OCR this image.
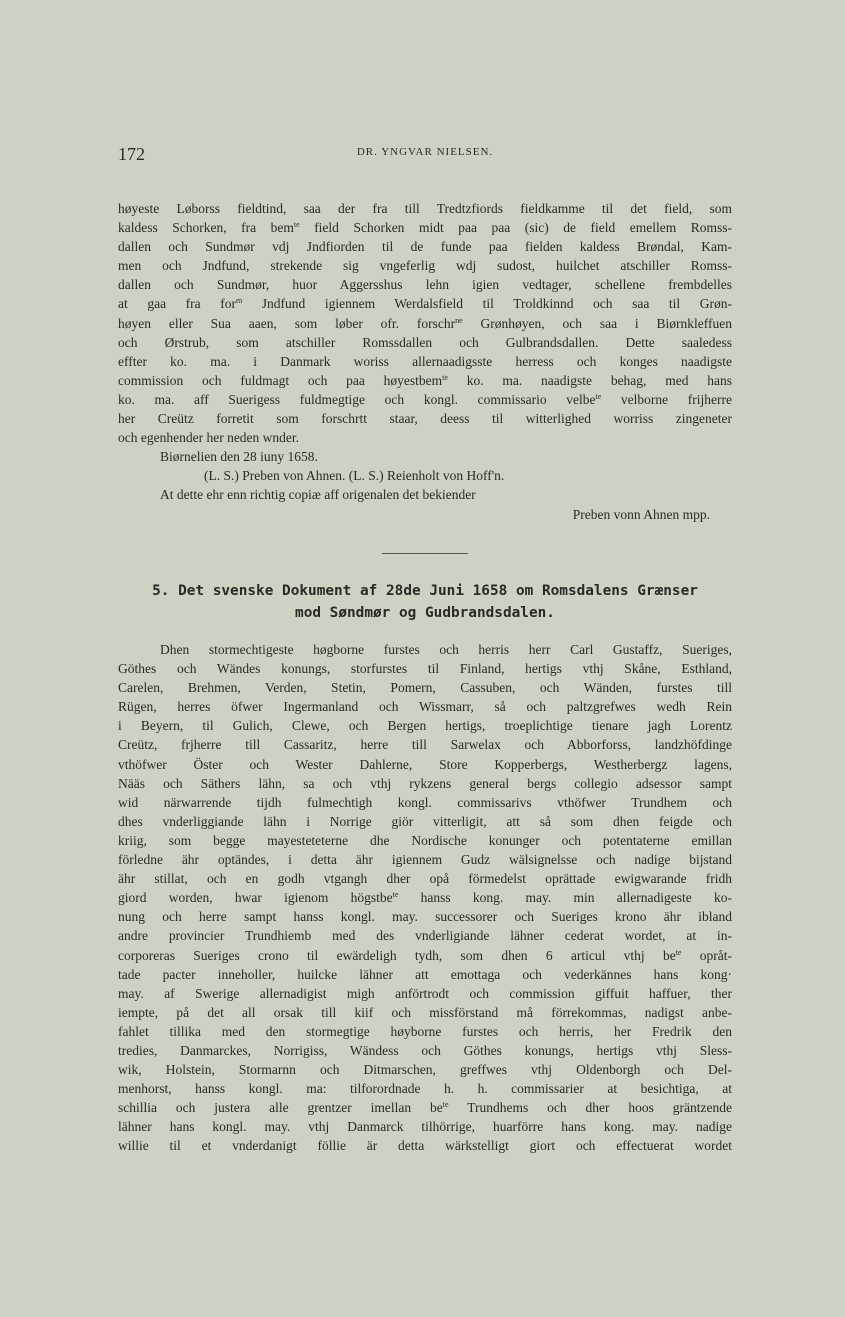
172	DR. YNGVAR NIELSEN.
høyeste Løborss fieldtind, saa der fra till Tredtzfiords fieldkamme til det field, som
kaldess Schorken, fra bem$^{te}$ field Schorken midt paa paa (sic) de field emellem Romss-
dallen och Sundmør vdj Jndfiorden til de funde paa fielden kaldess Brøndal, Kam-
men och Jndfund, strekende sig vngeferlig wdj sudost, huilchet atschiller Romss-
dallen och Sundmør, huor Aggersshus lehn igien vedtager, schellene frembdelles
at gaa fra for$^m$ Jndfund igiennem Werdalsfield til Troldkinnd och saa til Grøn-
høyen eller Sua aaen, som løber ofr. forschr$^{ne}$ Grønhøyen, och saa i Biørnkleffuen
och Ørstrub, som atschiller Romssdallen och Gulbrandsdallen. Dette saaledess
effter ko. ma. i Danmark woriss allernaadigsste herress och konges naadigste
commission och fuldmagt och paa høyestbem$^{te}$ ko. ma. naadigste behag, med hans
ko. ma. aff Suerigess fuldmegtige och kongl. commissario velbe$^{te}$ velborne frijherre
her Creütz forretit som forschrtt staar, deess til witterlighed worriss zingeneter
och egenhender her neden wnder.
Biørnelien den 28 iuny 1658.
(L. S.) Preben von Ahnen. (L. S.) Reienholt von Hoff'n.
At dette ehr enn richtig copiæ aff origenalen det bekiender
Preben vonn Ahnen mpp.
5. Det svenske Dokument af 28de Juni 1658 om Romsdalens Grænser
mod Søndmør og Gudbrandsdalen.
Dhen stormechtigeste høgborne furstes och herris herr Carl Gustaffz, Sueriges,
Göthes och Wändes konungs, storfurstes til Finland, hertigs vthj Skåne, Esthland,
Carelen, Brehmen, Verden, Stetin, Pomern, Cassuben, och Wänden, furstes till
Rügen, herres öfwer Ingermanland och Wissmarr, så och paltzgrefwes wedh Rein
i Beyern, til Gulich, Clewe, och Bergen hertigs, troeplichtige tienare jagh Lorentz
Creütz, frjherre till Cassaritz, herre till Sarwelax och Abborforss, landzhöfdinge
vthöfwer Öster och Wester Dahlerne, Store Kopperbergs, Westherbergz lagens,
Nääs och Säthers lähn, sa och vthj rykzens general bergs collegio adsessor sampt
wid närwarrende tijdh fulmechtigh kongl. commissarivs vthöfwer Trundhem och
dhes vnderliggiande lähn i Norrige giör vitterligit, att så som dhen feigde och
kriig, som begge mayesteteterne dhe Nordische konunger och potentaterne emillan
förledne ähr optändes, i detta ähr igiennem Gudz wälsignelsse och nadige bijstand
ähr stillat, och en godh vtgangh dher opå förmedelst oprättade ewigwarande fridh
giord worden, hwar igienom högstbe$^{te}$ hanss kong. may. min allernadigeste ko-
nung och herre sampt hanss kongl. may. successorer och Sueriges krono ähr ibland
andre provincier Trundhiemb med des vnderligiande lähner cederat wordet, at in-
corporeras Sueriges crono til ewärdeligh tydh, som dhen 6 articul vthj $be^{te}$ opråt-
tade pacter inneholler, huilcke lähner att emottaga och vederkännes hans kong·
may. af Swerige allernadigist migh anförtrodt och commission giffuit haffuer, ther
iempte, på det all orsak till kiif och missförstand må förrekommas, nadigst anbe-
fahlet tillika med den stormegtige høyborne furstes och herris, her Fredrik den
tredies, Danmarckes, Norrigiss, Wändess och Göthes konungs, hertigs vthj Sless-
wik, Holstein, Stormarnn och Ditmarschen, greffwes vthj Oldenborgh och Del-
menhorst, hanss kongl. ma: tilforordnade h. h. commissarier at besichtiga, at
schillia och justera alle grentzer imellan $be^{te}$ Trundhems och dher hoos gräntzende
lähner hans kongl. may. vthj Danmarck tilhörrige, huarförre hans kong. may. nadige
willie til et vnderdanigt föllie är detta wärkstelligt giort och effectuerat wordet
